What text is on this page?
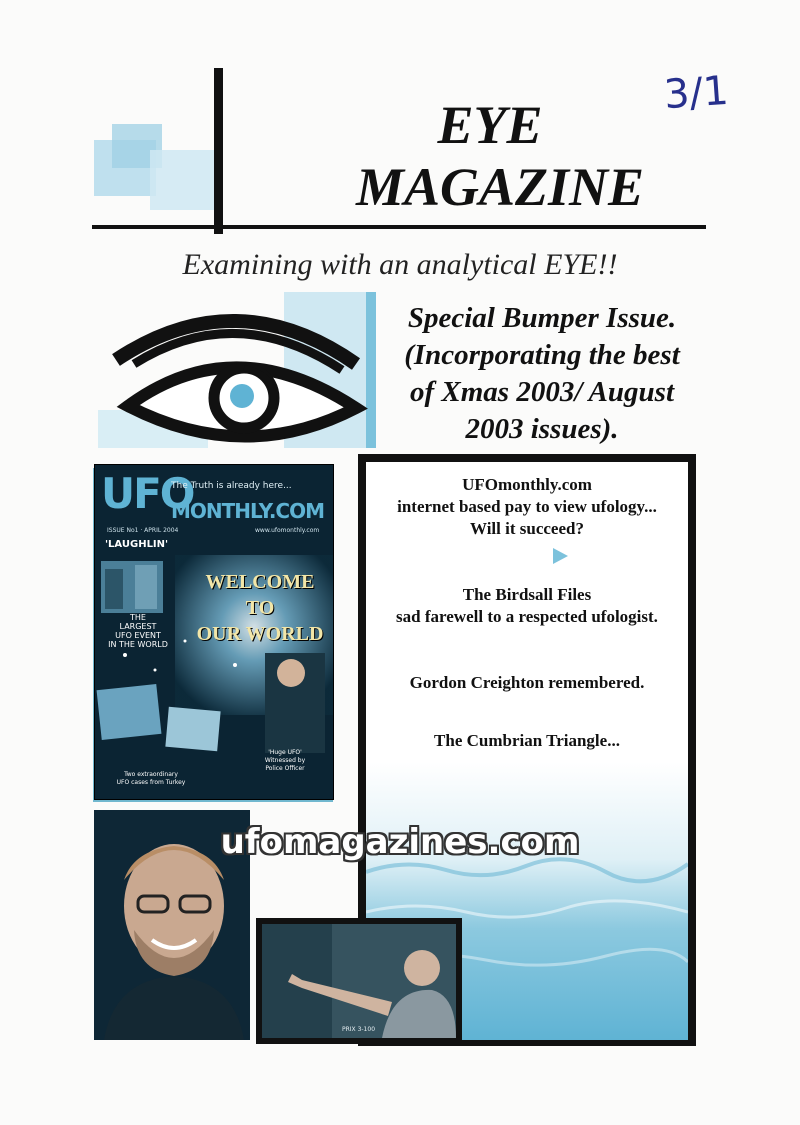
3/1
EYE
MAGAZINE
Examining with an analytical EYE!!
Special Bumper Issue.
(Incorporating the best
of Xmas 2003/ August
2003 issues).
UFO
The Truth is already here...
MONTHLY.COM
ISSUE No1 · APRIL 2004	www.ufomonthly.com
'LAUGHLIN'
THE
LARGEST
UFO EVENT
IN THE WORLD
WELCOME
TO
OUR WORLD
'Huge UFO'
Witnessed by
Police Officer
Two extraordinary
UFO cases from Turkey
UFOmonthly.com
internet based pay to view ufology...
Will it succeed?
The Birdsall Files
sad farewell to a respected ufologist.
Gordon Creighton remembered.
The Cumbrian Triangle...
PRIX 3-100
ufomagazines.com
